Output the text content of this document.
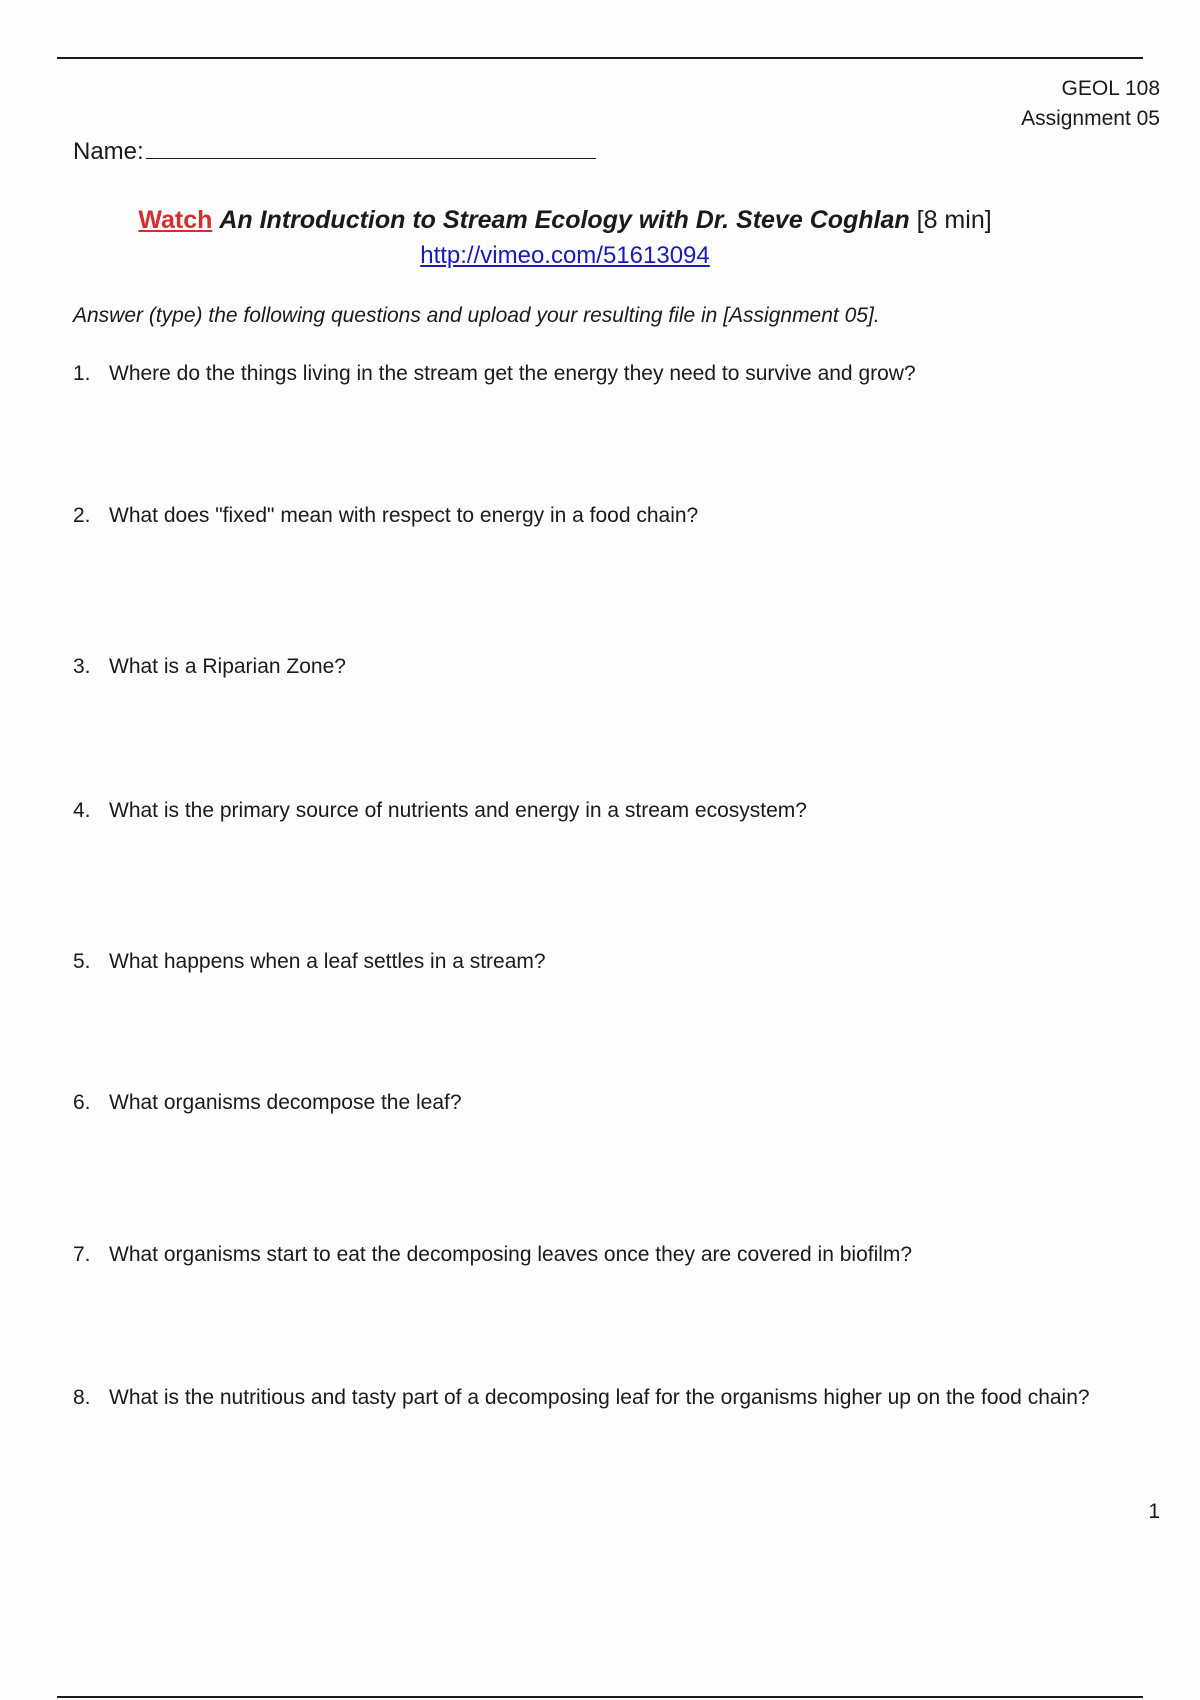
GEOL 108
Assignment 05
Name:
Watch An Introduction to Stream Ecology with Dr. Steve Coghlan [8 min]
http://vimeo.com/51613094
Answer (type) the following questions and upload your resulting file in [Assignment 05].
1. Where do the things living in the stream get the energy they need to survive and grow?
2. What does "fixed" mean with respect to energy in a food chain?
3. What is a Riparian Zone?
4. What is the primary source of nutrients and energy in a stream ecosystem?
5. What happens when a leaf settles in a stream?
6. What organisms decompose the leaf?
7. What organisms start to eat the decomposing leaves once they are covered in biofilm?
8. What is the nutritious and tasty part of a decomposing leaf for the organisms higher up on the food chain?
1
